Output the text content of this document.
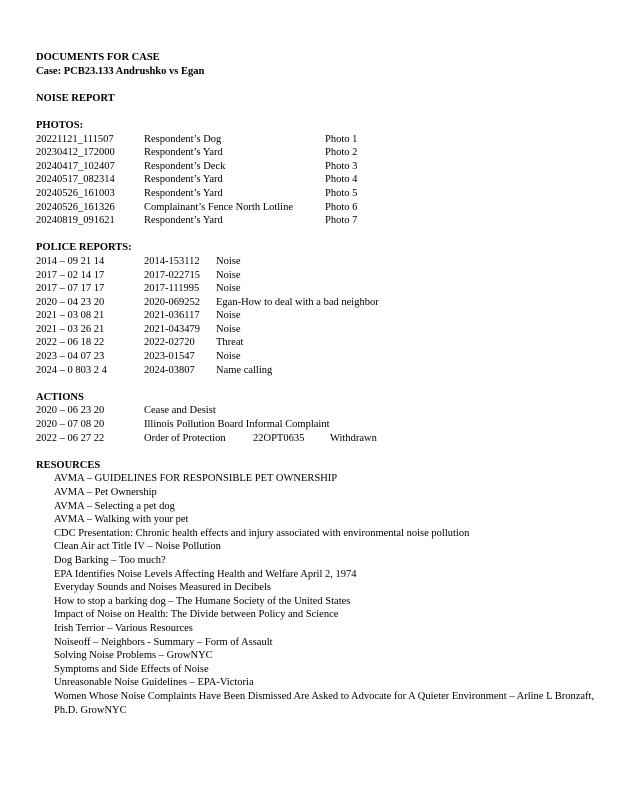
DOCUMENTS FOR CASE
Case: PCB23.133 Andrushko vs Egan
NOISE REPORT
PHOTOS:
20221121_111507	Respondent’s Dog	Photo 1
20230412_172000	Respondent’s Yard	Photo 2
20240417_102407	Respondent’s Deck	Photo 3
20240517_082314	Respondent’s Yard	Photo 4
20240526_161003	Respondent’s Yard	Photo 5
20240526_161326	Complainant’s Fence North Lotline	Photo 6
20240819_091621	Respondent’s Yard	Photo 7
POLICE REPORTS:
2014 – 09 21 14	2014-153112	Noise
2017 – 02 14 17	2017-022715	Noise
2017 – 07 17 17	2017-111995	Noise
2020 – 04 23 20	2020-069252	Egan-How to deal with a bad neighbor
2021 – 03 08 21	2021-036117	Noise
2021 – 03 26 21	2021-043479	Noise
2022 – 06 18 22	2022-02720	Threat
2023 – 04 07 23	2023-01547	Noise
2024 – 0 803 2 4	2024-03807	Name calling
ACTIONS
2020 – 06 23 20	Cease and Desist
2020 – 07 08 20	Illinois Pollution Board Informal Complaint
2022 – 06 27 22	Order of Protection	22OPT0635	Withdrawn
RESOURCES
AVMA – GUIDELINES FOR RESPONSIBLE PET OWNERSHIP
AVMA – Pet Ownership
AVMA – Selecting a pet dog
AVMA – Walking with your pet
CDC Presentation: Chronic health effects and injury associated with environmental noise pollution
Clean Air act Title IV – Noise Pollution
Dog Barking – Too much?
EPA Identifies Noise Levels Affecting Health and Welfare April 2, 1974
Everyday Sounds and Noises Measured in Decibels
How to stop a barking dog – The Humane Society of the United States
Impact of Noise on Health: The Divide between Policy and Science
Irish Terrior – Various Resources
Noiseoff – Neighbors - Summary – Form of Assault
Solving Noise Problems – GrowNYC
Symptoms and Side Effects of Noise
Unreasonable Noise Guidelines – EPA-Victoria
Women Whose Noise Complaints Have Been Dismissed Are Asked to Advocate for A Quieter Environment – Arline L Bronzaft, Ph.D. GrowNYC
